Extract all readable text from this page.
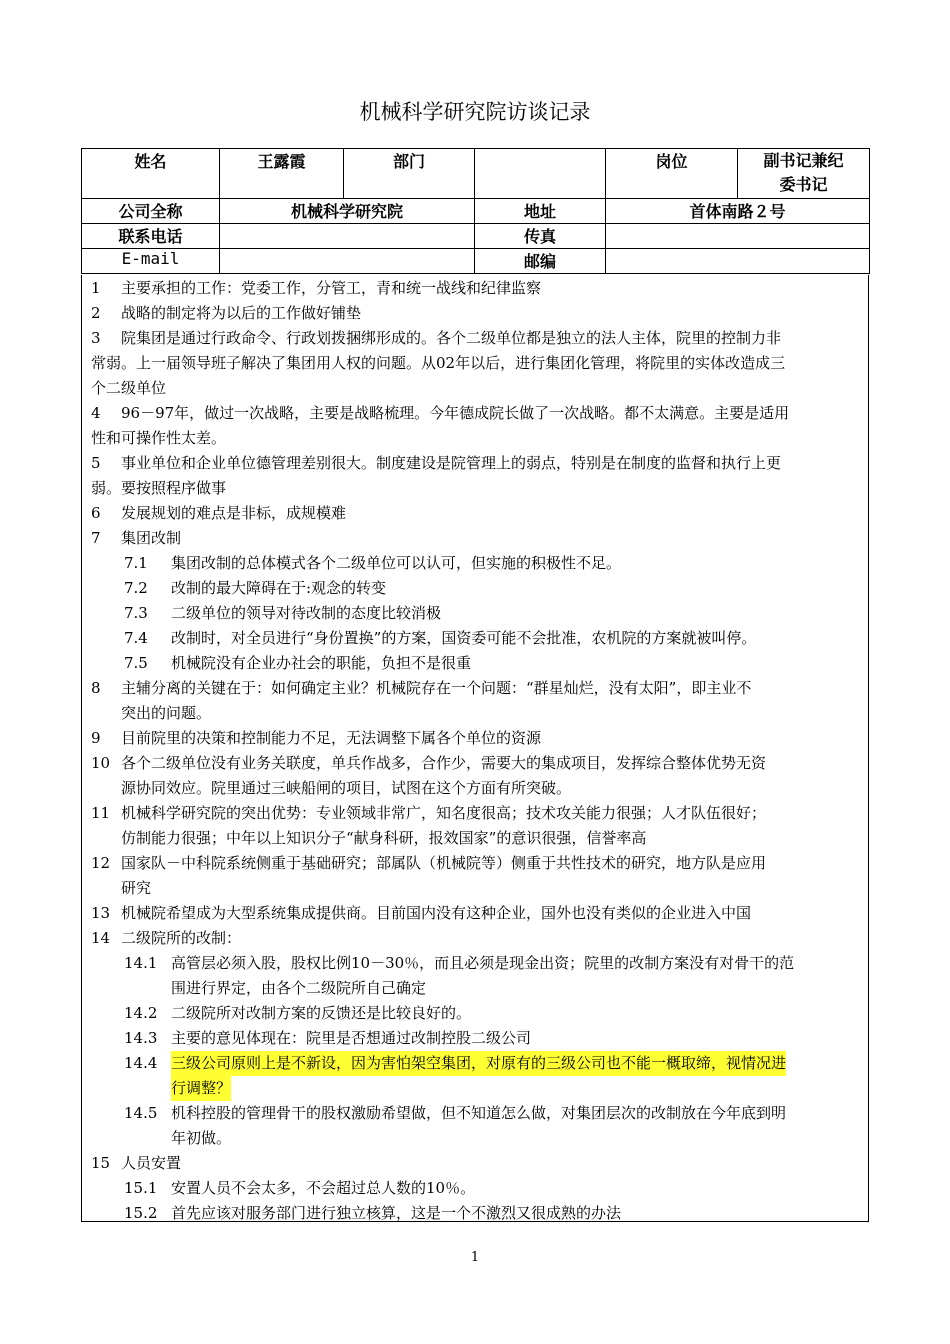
机械科学研究院访谈记录
姓名	王露霞	部门		岗位	副书记兼纪
委书记

公司全称	机械科学研究院		地址	首体南路２号	
联系电话			传真		
E-mail			邮编		
1 主要承担的工作：党委工作，分管工，青和统一战线和纪律监察
2 战略的制定将为以后的工作做好铺垫
3 院集团是通过行政命令、行政划拨捆绑形成的。各个二级单位都是独立的法人主体，院里的控制力非
常弱。上一届领导班子解决了集团用人权的问题。从02年以后，进行集团化管理，将院里的实体改造成三
个二级单位
4 96－97年，做过一次战略，主要是战略梳理。今年德成院长做了一次战略。都不太满意。主要是适用
性和可操作性太差。
5 事业单位和企业单位德管理差别很大。制度建设是院管理上的弱点，特别是在制度的监督和执行上更
弱。要按照程序做事
6 发展规划的难点是非标，成规模难
7 集团改制
7.1 集团改制的总体模式各个二级单位可以认可，但实施的积极性不足。
7.2 改制的最大障碍在于:观念的转变
7.3 二级单位的领导对待改制的态度比较消极
7.4 改制时，对全员进行“身份置换”的方案，国资委可能不会批准，农机院的方案就被叫停。
7.5 机械院没有企业办社会的职能，负担不是很重
8 主辅分离的关键在于：如何确定主业？机械院存在一个问题：“群星灿烂，没有太阳”，即主业不
突出的问题。
9 目前院里的决策和控制能力不足，无法调整下属各个单位的资源
10 各个二级单位没有业务关联度，单兵作战多，合作少，需要大的集成项目，发挥综合整体优势无资
源协同效应。院里通过三峡船闸的项目，试图在这个方面有所突破。
11 机械科学研究院的突出优势：专业领域非常广，知名度很高；技术攻关能力很强；人才队伍很好；
仿制能力很强；中年以上知识分子“献身科研，报效国家”的意识很强，信誉率高
12 国家队－中科院系统侧重于基础研究；部属队（机械院等）侧重于共性技术的研究，地方队是应用
研究
13 机械院希望成为大型系统集成提供商。目前国内没有这种企业，国外也没有类似的企业进入中国
14 二级院所的改制：
14.1 高管层必须入股，股权比例10－30％，而且必须是现金出资；院里的改制方案没有对骨干的范
围进行界定，由各个二级院所自己确定
14.2 二级院所对改制方案的反馈还是比较良好的。
14.3 主要的意见体现在：院里是否想通过改制控股二级公司
14.4 三级公司原则上是不新设，因为害怕架空集团，对原有的三级公司也不能一概取缔，视情况进
行调整？
14.5 机科控股的管理骨干的股权激励希望做，但不知道怎么做，对集团层次的改制放在今年底到明
年初做。
15 人员安置
15.1 安置人员不会太多，不会超过总人数的10％。
15.2 首先应该对服务部门进行独立核算，这是一个不激烈又很成熟的办法
1
